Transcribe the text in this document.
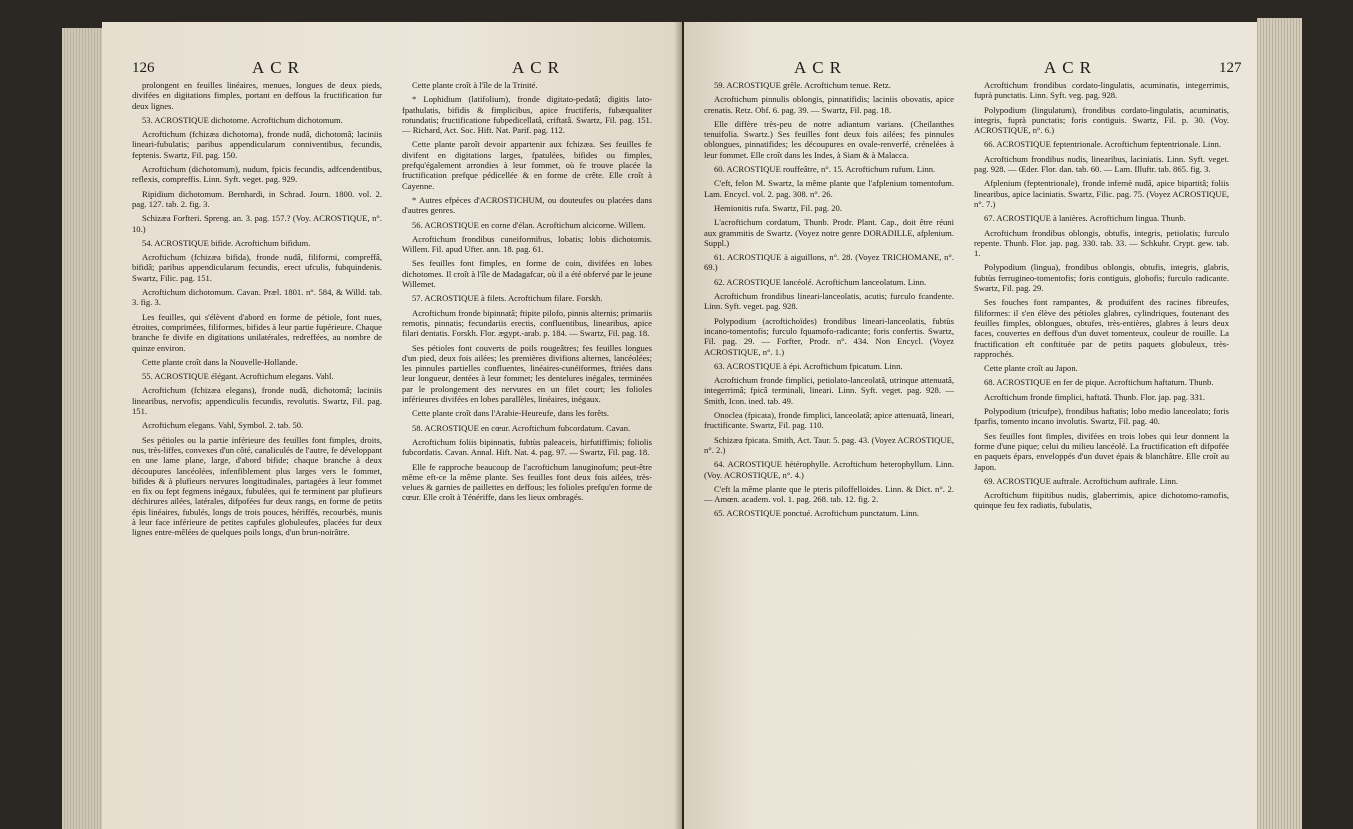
126	ACR	ACR

prolongent en feuilles linéaires, menues, longues de deux pieds, divifées en digitations fimples, portant en deffous la fructification fur deux lignes.

53. ACROSTIQUE dichotome. Acroftichum dichotomum.

Acroftichum (fchizæa dichotoma), fronde nudâ, dichotomâ; laciniis lineari-fubulatis; paribus appendicularum conniventibus, fecundis, feptenis. Swartz, Fil. pag. 150.

Acroftichum (dichotomum), nudum, fpicis fecundis, adfcendentibus, reflexis, compreffis. Linn. Syft. veget. pag. 929.

Ripidium dichotomum. Bernhardi, in Schrad. Journ. 1800. vol. 2. pag. 127. tab. 2. fig. 3.

Schizæa Forfteri. Spreng. an. 3. pag. 157.? (Voy. ACROSTIQUE, n°. 10.)

54. ACROSTIQUE bifide. Acroftichum bifidum.

Acroftichum (fchizæa bifida), fronde nudâ, filiformi, compreffâ, bifidâ; paribus appendicularum fecundis, erect ufculis, fubquindenis. Swartz, Filic. pag. 151.

Acroftichum dichotomum. Cavan. Præl. 1801. n°. 584, & Willd. tab. 3. fig. 3.

Les feuilles, qui s'élèvent d'abord en forme de pétiole, font nues, étroites, comprimées, filiformes, bifides à leur partie fupérieure. Chaque branche fe divife en digitations unilatérales, redreffées, au nombre de quinze environ.

Cette plante croît dans la Nouvelle-Hollande.

55. ACROSTIQUE élégant. Acroftichum elegans. Vahl.

Acroftichum (fchizæa elegans), fronde nudâ, dichotomâ; laciniis linearibus, nervofis; appendiculis fecundis, revolutis. Swartz, Fil. pag. 151.

Acroftichum elegans. Vahl, Symbol. 2. tab. 50.

Ses pétioles ou la partie inférieure des feuilles font fimples, droits, nus, très-liffes, convexes d'un côté, canaliculés de l'autre, fe développant en une lame plane, large, d'abord bifide; chaque branche à deux découpures lancéolées, infenfiblement plus larges vers le fommet, bifides & à plufieurs nervures longitudinales, partagées à leur fommet en fix ou fept fegmens inégaux, fubulées, qui fe terminent par plufieurs déchirures ailées, latérales, difpofées fur deux rangs, en forme de petits épis linéaires, fubulés, longs de trois pouces, hériffés, recourbés, munis à leur face inférieure de petites capfules globuleufes, placées fur deux lignes entre-mêlées de quelques poils longs, d'un brun-noirâtre.

Cette plante croît à l'île de la Trinité.

* Lophidium (latifolium), fronde digitato-pedatâ; digitis lato-fpathulatis, bifidis & fimplicibus, apice fructiferis, fubæqualiter rotundatis; fructificatione fubpedicellatâ, criftatâ. Swartz, Fil. pag. 151. — Richard, Act. Soc. Hift. Nat. Parif. pag. 112.

Cette plante paroît devoir appartenir aux fchizæa. Ses feuilles fe divifent en digitations larges, fpatulées, bifides ou fimples, prefqu'également arrondies à leur fommet, où fe trouve placée la fructification prefque pédicellée & en forme de crête. Elle croît à Cayenne.

* Autres efpèces d'ACROSTICHUM, ou douteufes ou placées dans d'autres genres.

56. ACROSTIQUE en corne d'élan. Acroftichum alcicorne. Willem.

Acroftichum frondibus cuneiformibus, lobatis; lobis dichotomis. Willem. Fil. apud Ufter. ann. 18. pag. 61.

Ses feuilles font fimples, en forme de coin, divifées en lobes dichotomes. Il croît à l'île de Madagafcar, où il a été obfervé par le jeune Willemet.

57. ACROSTIQUE à filets. Acroftichum filare. Forskh.

Acroftichum fronde bipinnatâ; ftipite pilofo, pinnis alternis; primariis remotis, pinnatis; fecundariis erectis, confluentibus, linearibus, apice filari dentatis. Forskh. Flor. ægypt.-arab. p. 184. — Swartz, Fil. pag. 18.

Ses pétioles font couverts de poils rougeâtres; fes feuilles longues d'un pied, deux fois ailées; les premières divifions alternes, lancéolées; les pinnules partielles confluentes, linéaires-cunéiformes, ftriées dans leur longueur, dentées à leur fommet; les dentelures inégales, terminées par le prolongement des nervures en un filet court; les folioles inférieures divifées en lobes parallèles, linéaires, inégaux.

Cette plante croît dans l'Arabie-Heureufe, dans les forêts.

58. ACROSTIQUE en cœur. Acroftichum fubcordatum. Cavan.

Acroftichum foliis bipinnatis, fubtùs paleaceis, hirfutiffimis; foliolis fubcordatis. Cavan. Annal. Hift. Nat. 4. pag. 97. — Swartz, Fil. pag. 18.

Elle fe rapproche beaucoup de l'acroftichum lanuginofum; peut-être même eft-ce la même plante. Ses feuilles font deux fois ailées, très-velues & garnies de paillettes en deffous; les folioles prefqu'en forme de cœur. Elle croît à Ténériffe, dans les lieux ombragés.

ACR	ACR	127

59. ACROSTIQUE grêle. Acroftichum tenue. Retz.

Acroftichum pinnulis oblongis, pinnatifidis; laciniis obovatis, apice crenatis. Retz. Obf. 6. pag. 39. — Swartz, Fil. pag. 18.

Elle diffère très-peu de notre adiantum varians. (Cheilanthes tenuifolia. Swartz.) Ses feuilles font deux fois ailées; fes pinnules oblongues, pinnatifides; les découpures en ovale-renverfé, crénelées à leur fommet. Elle croît dans les Indes, à Siam & à Malacca.

60. ACROSTIQUE rouffeâtre, n°. 15. Acroftichum rufum. Linn.

C'eft, felon M. Swartz, la même plante que l'afplenium tomentofum. Lam. Encycl. vol. 2. pag. 308. n°. 26.

Hemionitis rufa. Swartz, Fil. pag. 20.

L'acroftichum cordatum, Thunb. Prodr. Plant. Cap., doit être réuni aux grammitis de Swartz. (Voyez notre genre DORADILLE, afplenium. Suppl.)

61. ACROSTIQUE à aiguillons, n°. 28. (Voyez TRICHOMANE, n°. 69.)

62. ACROSTIQUE lancéolé. Acroftichum lanceolatum. Linn.

Acroftichum frondibus lineari-lanceolatis, acutis; furculo fcandente. Linn. Syft. veget. pag. 928.

Polypodium (acroftichoïdes) frondibus lineari-lanceolatis, fubtùs incano-tomentofis; furculo fquamofo-radicante; foris confertis. Swartz, Fil. pag. 29. — Forfter, Prodr. n°. 434. Non Encycl. (Voyez ACROSTIQUE, n°. 1.)

63. ACROSTIQUE à épi. Acroftichum fpicatum. Linn.

Acroftichum fronde fimplici, petiolato-lanceolatâ, utrinque attenuatâ, integerrimâ; fpicâ terminali, lineari. Linn. Syft. veget. pag. 928. — Smith, Icon. ined. tab. 49.

Onoclea (fpicata), fronde fimplici, lanceolatâ; apice attenuatâ, lineari, fructificante. Swartz, Fil. pag. 110.

Schizæa fpicata. Smith, Act. Taur. 5. pag. 43. (Voyez ACROSTIQUE, n°. 2.)

64. ACROSTIQUE hétérophylle. Acroftichum heterophyllum. Linn. (Voy. ACROSTIQUE, n°. 4.)

C'eft la même plante que le pteris piloffelloides. Linn. & Dict. n°. 2. — Amœn. academ. vol. 1. pag. 268. tab. 12. fig. 2.

65. ACROSTIQUE ponctué. Acroftichum punctatum. Linn.

Acroftichum frondibus cordato-lingulatis, acuminatis, integerrimis, fuprà punctatis. Linn. Syft. veg. pag. 928.

Polypodium (lingulatum), frondibus cordato-lingulatis, acuminatis, integris, fuprà punctatis; foris contiguis. Swartz, Fil. p. 30. (Voy. ACROSTIQUE, n°. 6.)

66. ACROSTIQUE feptentrionale. Acroftichum feptentrionale. Linn.

Acroftichum frondibus nudis, linearibus, laciniatis. Linn. Syft. veget. pag. 928. — Œder. Flor. dan. tab. 60. — Lam. Illuftr. tab. 865. fig. 3.

Afplenium (feptentrionale), fronde infernè nudâ, apice bipartitâ; foliis linearibus, apice laciniatis. Swartz, Filic. pag. 75. (Voyez ACROSTIQUE, n°. 7.)

67. ACROSTIQUE à lanières. Acroftichum lingua. Thunb.

Acroftichum frondibus oblongis, obtufis, integris, petiolatis; furculo repente. Thunb. Flor. jap. pag. 330. tab. 33. — Schkuhr. Crypt. gew. tab. 1.

Polypodium (lingua), frondibus oblongis, obtufis, integris, glabris, fubtùs ferrugineo-tomentofis; foris contiguis, globofis; furculo radicante. Swartz, Fil. pag. 29.

Ses fouches font rampantes, & produifent des racines fibreufes, filiformes: il s'en élève des pétioles glabres, cylindriques, foutenant des feuilles fimples, oblongues, obtufes, très-entières, glabres à leurs deux faces, couvertes en deffous d'un duvet tomenteux, couleur de rouille. La fructification eft conftituée par de petits paquets globuleux, très-rapprochés.

Cette plante croît au Japon.

68. ACROSTIQUE en fer de pique. Acroftichum haftatum. Thunb.

Acroftichum fronde fimplici, haftatâ. Thunb. Flor. jap. pag. 331.

Polypodium (tricufpe), frondibus haftatis; lobo medio lanceolato; foris fparfis, tomento incano involutis. Swartz, Fil. pag. 40.

Ses feuilles font fimples, divifées en trois lobes qui leur donnent la forme d'une pique; celui du milieu lancéolé. La fructification eft difpofée en paquets épars, enveloppés d'un duvet épais & blanchâtre. Elle croît au Japon.

69. ACROSTIQUE auftrale. Acroftichum auftrale. Linn.

Acroftichum ftipitibus nudis, glaberrimis, apice dichotomo-ramofis, quinque feu fex radiatis, fubulatis,
